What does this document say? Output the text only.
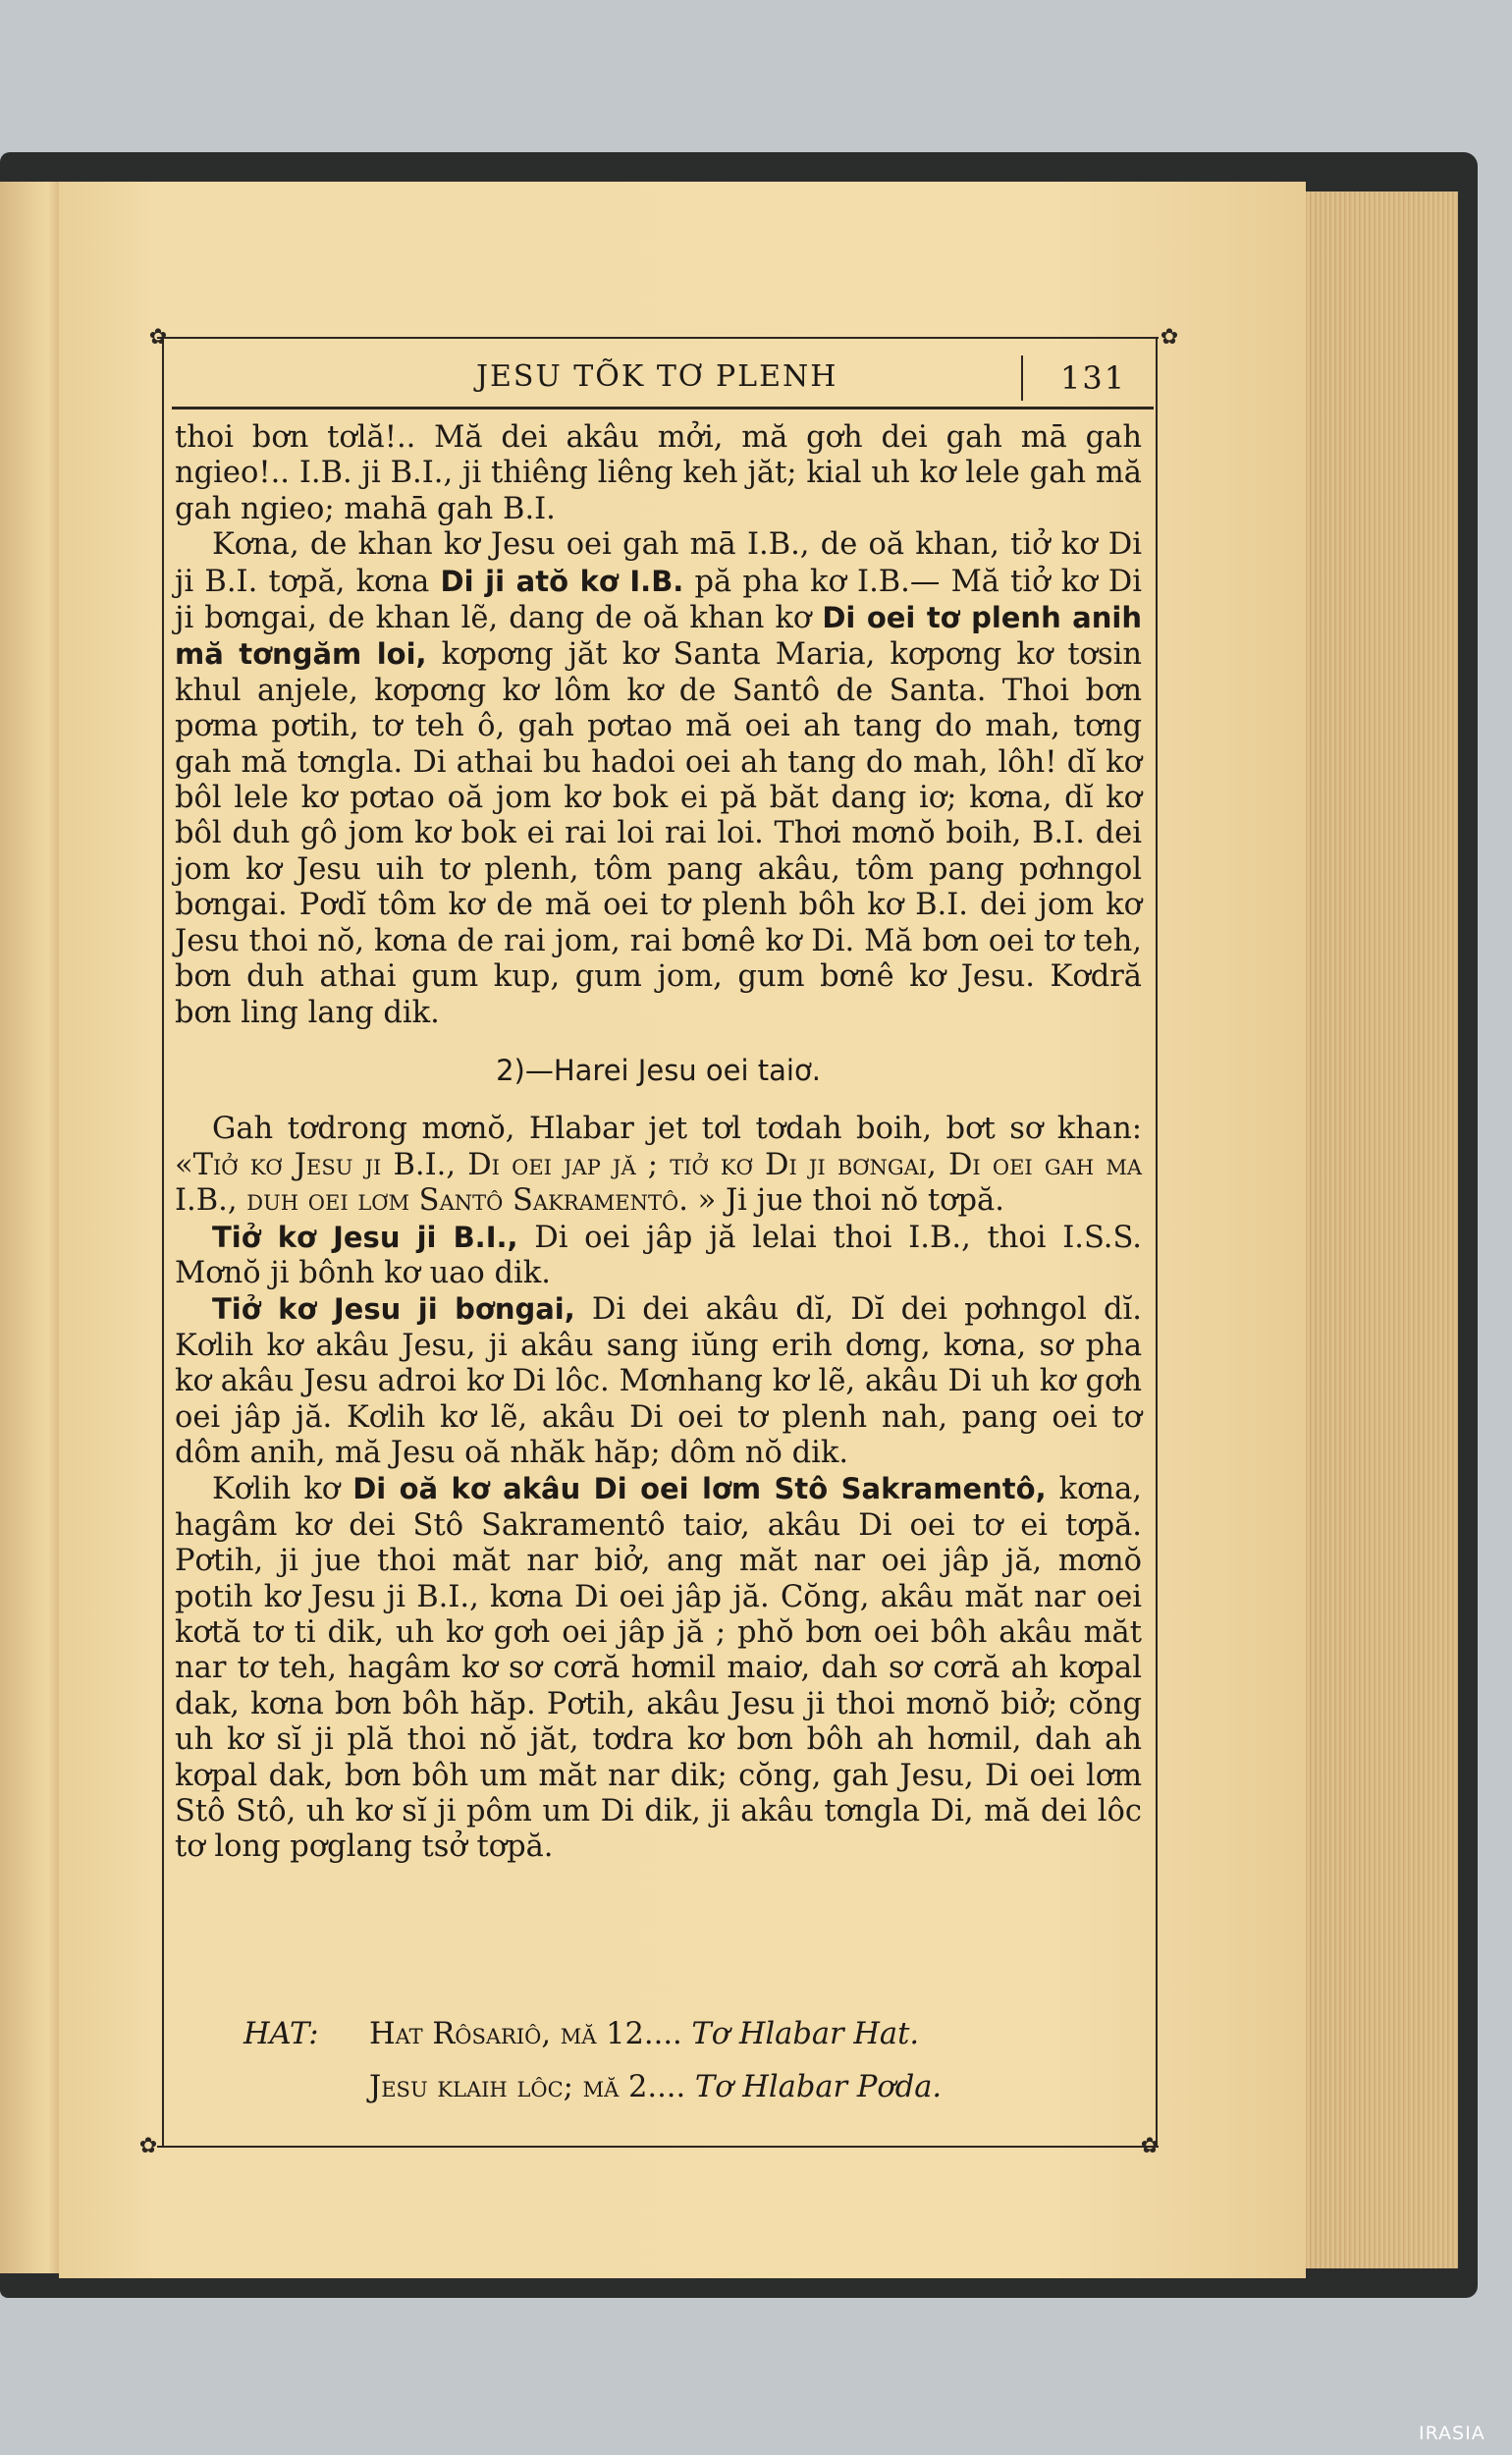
✿	✿
✿	✿
JESU TÕK TƠ PLENH	131

thoi bơn tơlă!.. Mă dei akâu mởi, mă gơh dei gah mā gah ngieo!.. I.B. ji B.I., ji thiêng liêng keh jăt; kial uh kơ lele gah mă gah ngieo; mahā gah B.I.

Kơna, de khan kơ Jesu oei gah mā I.B., de oă khan, tiở kơ Di ji B.I. tơpă, kơna Di ji atŏ kơ I.B. pă pha kơ I.B.— Mă tiở kơ Di ji bơngai, de khan lẽ, dang de oă khan kơ Di oei tơ plenh anih mă tơngăm loi, kơpơng jăt kơ Santa Maria, kơpơng kơ tơsin khul anjele, kơpơng kơ lôm kơ de Santô de Santa. Thoi bơn pơma pơtih, tơ teh ô, gah pơtao mă oei ah tang do mah, tơng gah mă tơngla. Di athai bu hadoi oei ah tang do mah, lôh! dĭ kơ bôl lele kơ pơtao oă jom kơ bok ei pă băt dang iơ; kơna, dĭ kơ bôl duh gô jom kơ bok ei rai loi rai loi. Thơi mơnŏ boih, B.I. dei jom kơ Jesu uih tơ plenh, tôm pang akâu, tôm pang pơhngol bơngai. Pơdĭ tôm kơ de mă oei tơ plenh bôh kơ B.I. dei jom kơ Jesu thoi nŏ, kơna de rai jom, rai bơnê kơ Di. Mă bơn oei tơ teh, bơn duh athai gum kup, gum jom, gum bơnê kơ Jesu. Kơdră bơn ling lang dik.

2)—Harei Jesu oei taiơ.

Gah tơdrong mơnŏ, Hlabar jet tơl tơdah boih, bơt sơ khan: «Tiở kơ Jesu ji B.I., Di oei jap jă ; tiở kơ Di ji bơngai, Di oei gah ma I.B., duh oei lơm Santô Sakramentô. » Ji jue thoi nŏ tơpă.

Tiở kơ Jesu ji B.I., Di oei jâp jă lelai thoi I.B., thoi I.S.S. Mơnŏ ji bônh kơ uao dik.

Tiở kơ Jesu ji bơngai, Di dei akâu dĭ, Dĭ dei pơhngol dĭ. Kơlih kơ akâu Jesu, ji akâu sang iŭng erih dơng, kơna, sơ pha kơ akâu Jesu adroi kơ Di lôc. Mơnhang kơ lẽ, akâu Di uh kơ gơh oei jâp jă. Kơlih kơ lẽ, akâu Di oei tơ plenh nah, pang oei tơ dôm anih, mă Jesu oă nhăk hăp; dôm nŏ dik.

Kơlih kơ Di oă kơ akâu Di oei lơm Stô Sakramentô, kơna, hagâm kơ dei Stô Sakramentô taiơ, akâu Di oei tơ ei tơpă. Pơtih, ji jue thoi măt nar biở, ang măt nar oei jâp jă, mơnŏ potih kơ Jesu ji B.I., kơna Di oei jâp jă. Cŏng, akâu măt nar oei kơtă tơ ti dik, uh kơ gơh oei jâp jă ; phŏ bơn oei bôh akâu măt nar tơ teh, hagâm kơ sơ cơră hơmil maiơ, dah sơ cơră ah kơpal dak, kơna bơn bôh hăp. Pơtih, akâu Jesu ji thoi mơnŏ biở; cŏng uh kơ sĭ ji plă thoi nŏ jăt, tơdra kơ bơn bôh ah hơmil, dah ah kơpal dak, bơn bôh um măt nar dik; cŏng, gah Jesu, Di oei lơm Stô Stô, uh kơ sĭ ji pôm um Di dik, ji akâu tơngla Di, mă dei lôc tơ long pơglang tsở tơpă.

HAT: Hat Rôsariô, mă 12.... Tơ Hlabar Hat.
Jesu klaih lôc; mă 2.... Tơ Hlabar Pơda.
IRASIA
